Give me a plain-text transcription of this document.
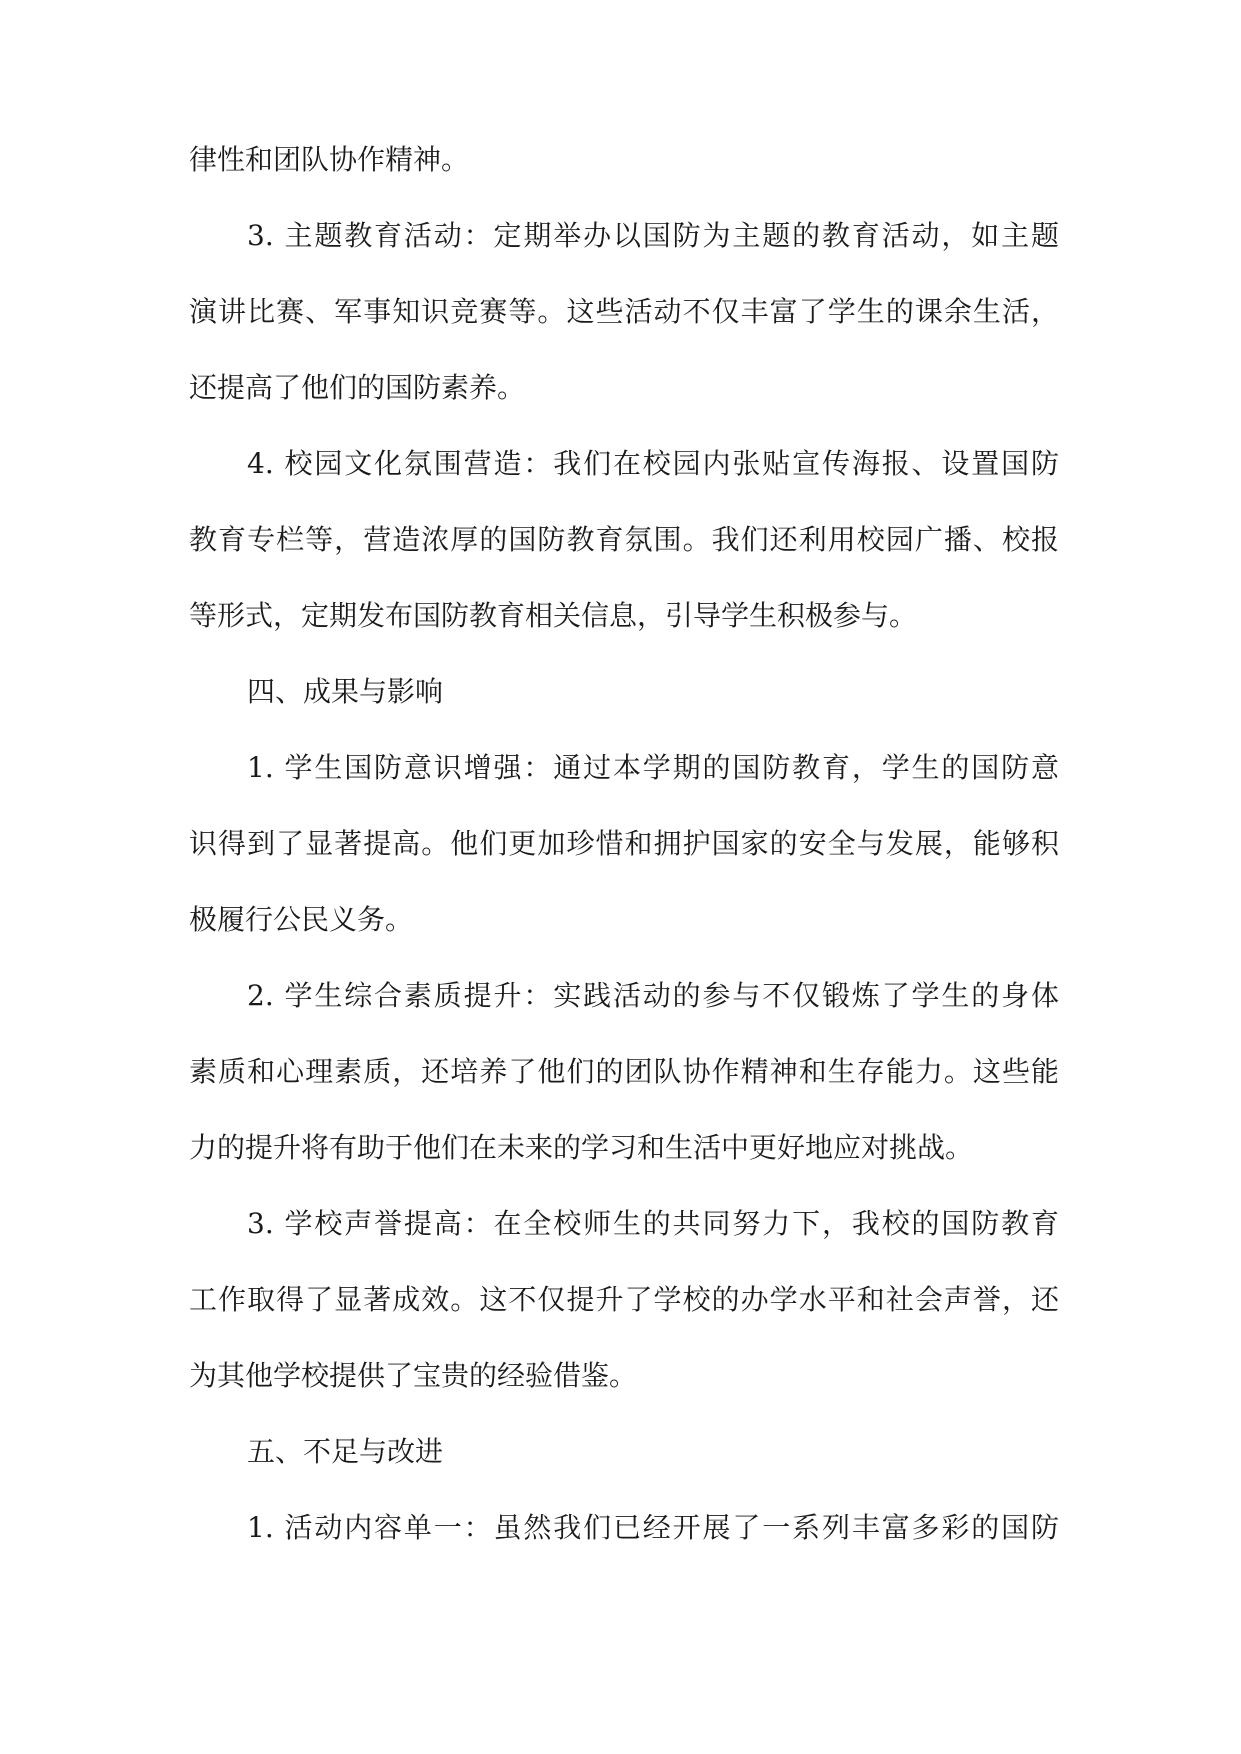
律性和团队协作精神。
3. 主题教育活动：定期举办以国防为主题的教育活动，如主题
演讲比赛、军事知识竞赛等。这些活动不仅丰富了学生的课余生活，
还提高了他们的国防素养。
4. 校园文化氛围营造：我们在校园内张贴宣传海报、设置国防
教育专栏等，营造浓厚的国防教育氛围。我们还利用校园广播、校报
等形式，定期发布国防教育相关信息，引导学生积极参与。
四、成果与影响
1. 学生国防意识增强：通过本学期的国防教育，学生的国防意
识得到了显著提高。他们更加珍惜和拥护国家的安全与发展，能够积
极履行公民义务。
2. 学生综合素质提升：实践活动的参与不仅锻炼了学生的身体
素质和心理素质，还培养了他们的团队协作精神和生存能力。这些能
力的提升将有助于他们在未来的学习和生活中更好地应对挑战。
3. 学校声誉提高：在全校师生的共同努力下，我校的国防教育
工作取得了显著成效。这不仅提升了学校的办学水平和社会声誉，还
为其他学校提供了宝贵的经验借鉴。
五、不足与改进
1. 活动内容单一：虽然我们已经开展了一系列丰富多彩的国防
